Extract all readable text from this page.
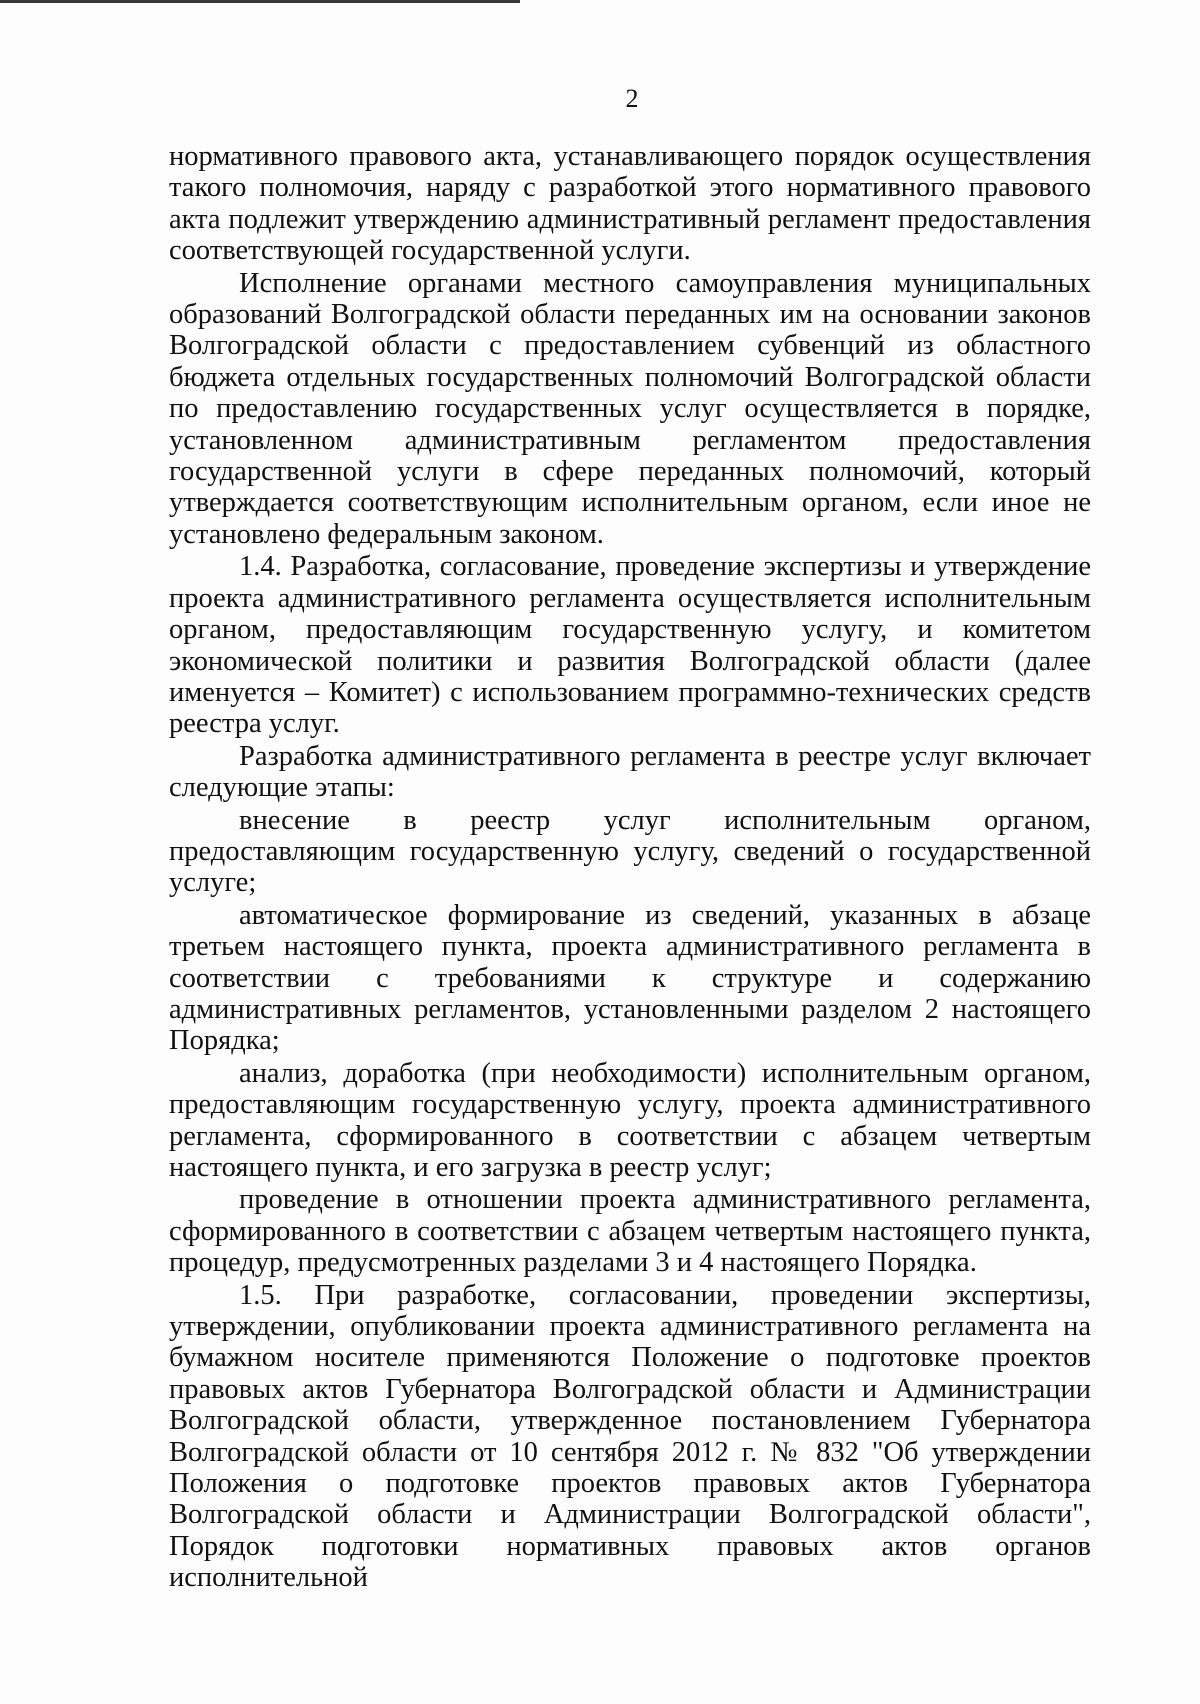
2

нормативного правового акта, устанавливающего порядок осуществления такого полномочия, наряду с разработкой этого нормативного правового акта подлежит утверждению административный регламент предоставления соответствующей государственной услуги.

Исполнение органами местного самоуправления муниципальных образований Волгоградской области переданных им на основании законов Волгоградской области с предоставлением субвенций из областного бюджета отдельных государственных полномочий Волгоградской области по предоставлению государственных услуг осуществляется в порядке, установленном административным регламентом предоставления государственной услуги в сфере переданных полномочий, который утверждается соответствующим исполнительным органом, если иное не установлено федеральным законом.

1.4. Разработка, согласование, проведение экспертизы и утверждение проекта административного регламента осуществляется исполнительным органом, предоставляющим государственную услугу, и комитетом экономической политики и развития Волгоградской области (далее именуется – Комитет) с использованием программно-технических средств реестра услуг.

Разработка административного регламента в реестре услуг включает следующие этапы:

внесение в реестр услуг исполнительным органом, предоставляющим государственную услугу, сведений о государственной услуге;

автоматическое формирование из сведений, указанных в абзаце третьем настоящего пункта, проекта административного регламента в соответствии с требованиями к структуре и содержанию административных регламентов, установленными разделом 2 настоящего Порядка;

анализ, доработка (при необходимости) исполнительным органом, предоставляющим государственную услугу, проекта административного регламента, сформированного в соответствии с абзацем четвертым настоящего пункта, и его загрузка в реестр услуг;

проведение в отношении проекта административного регламента, сформированного в соответствии с абзацем четвертым настоящего пункта, процедур, предусмотренных разделами 3 и 4 настоящего Порядка.

1.5. При разработке, согласовании, проведении экспертизы, утверждении, опубликовании проекта административного регламента на бумажном носителе применяются Положение о подготовке проектов правовых актов Губернатора Волгоградской области и Администрации Волгоградской области, утвержденное постановлением Губернатора Волгоградской области от 10 сентября 2012 г. № 832 "Об утверждении Положения о подготовке проектов правовых актов Губернатора Волгоградской области и Администрации Волгоградской области", Порядок подготовки нормативных правовых актов органов исполнительной
